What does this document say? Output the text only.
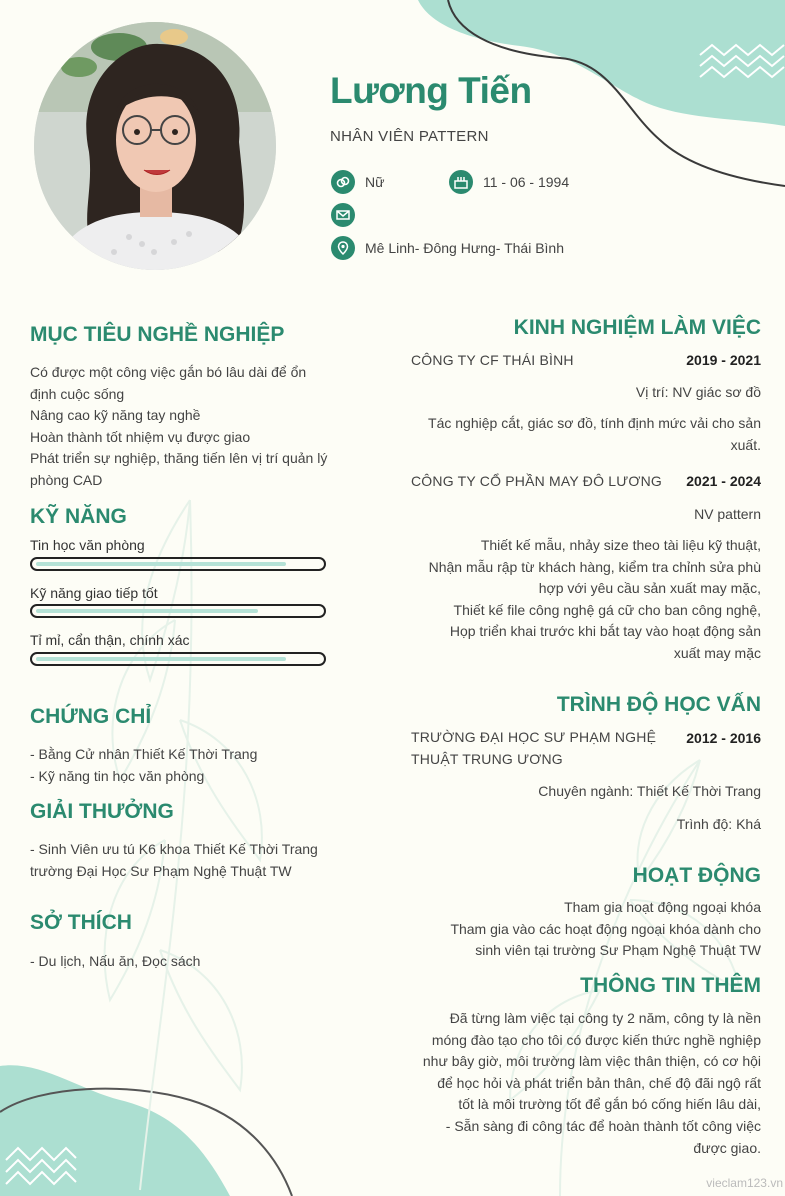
Lương Tiến
NHÂN VIÊN PATTERN
Nữ	11 - 06 - 1994
Mê Linh- Đông Hưng- Thái Bình
MỤC TIÊU NGHỀ NGHIỆP
Có được một công việc gắn bó lâu dài để ổn
định cuộc sống
Nâng cao kỹ năng tay nghề
Hoàn thành tốt nhiệm vụ được giao
Phát triển sự nghiệp, thăng tiến lên vị trí quản lý
phòng CAD
KỸ NĂNG
Tin học văn phòng
Kỹ năng giao tiếp tốt
Tỉ mỉ, cẩn thận, chính xác
CHỨNG CHỈ
- Bằng Cử nhân Thiết Kế Thời Trang
- Kỹ năng tin học văn phòng
GIẢI THƯỞNG
- Sinh Viên ưu tú K6 khoa Thiết Kế Thời Trang
trường Đại Học Sư Phạm Nghệ Thuật TW
SỞ THÍCH
- Du lịch, Nấu ăn, Đọc sách
KINH NGHIỆM LÀM VIỆC
CÔNG TY CF THÁI BÌNH	2019 - 2021
Vị trí: NV giác sơ đồ
Tác nghiệp cắt, giác sơ đồ, tính định mức vải cho sản
xuất.
CÔNG TY CỔ PHẦN MAY ĐÔ LƯƠNG 2021 - 2024
NV pattern
Thiết kế mẫu, nhảy size theo tài liệu kỹ thuật,
Nhận mẫu rập từ khách hàng, kiểm tra chỉnh sửa phù
hợp với yêu cầu sản xuất may mặc,
Thiết kế file công nghệ gá cữ cho ban công nghệ,
Họp triển khai trước khi bắt tay vào hoạt động sản
xuất may mặc
TRÌNH ĐỘ HỌC VẤN
TRƯỜNG ĐẠI HỌC SƯ PHẠM NGHỆ
THUẬT TRUNG ƯƠNG
2012 - 2016
Chuyên ngành: Thiết Kế Thời Trang
Trình độ: Khá
HOẠT ĐỘNG
Tham gia hoạt động ngoại khóa
Tham gia vào các hoạt động ngoại khóa dành cho
sinh viên tại trường Sư Phạm Nghệ Thuật TW
THÔNG TIN THÊM
Đã từng làm việc tại công ty 2 năm, công ty là nền
móng đào tạo cho tôi có được kiến thức nghề nghiệp
như bây giờ, môi trường làm việc thân thiện, có cơ hội
để học hỏi và phát triển bản thân, chế độ đãi ngộ rất
tốt là môi trường tốt để gắn bó cống hiến lâu dài,
- Sẵn sàng đi công tác để hoàn thành tốt công việc
được giao.
vieclam123.vn
